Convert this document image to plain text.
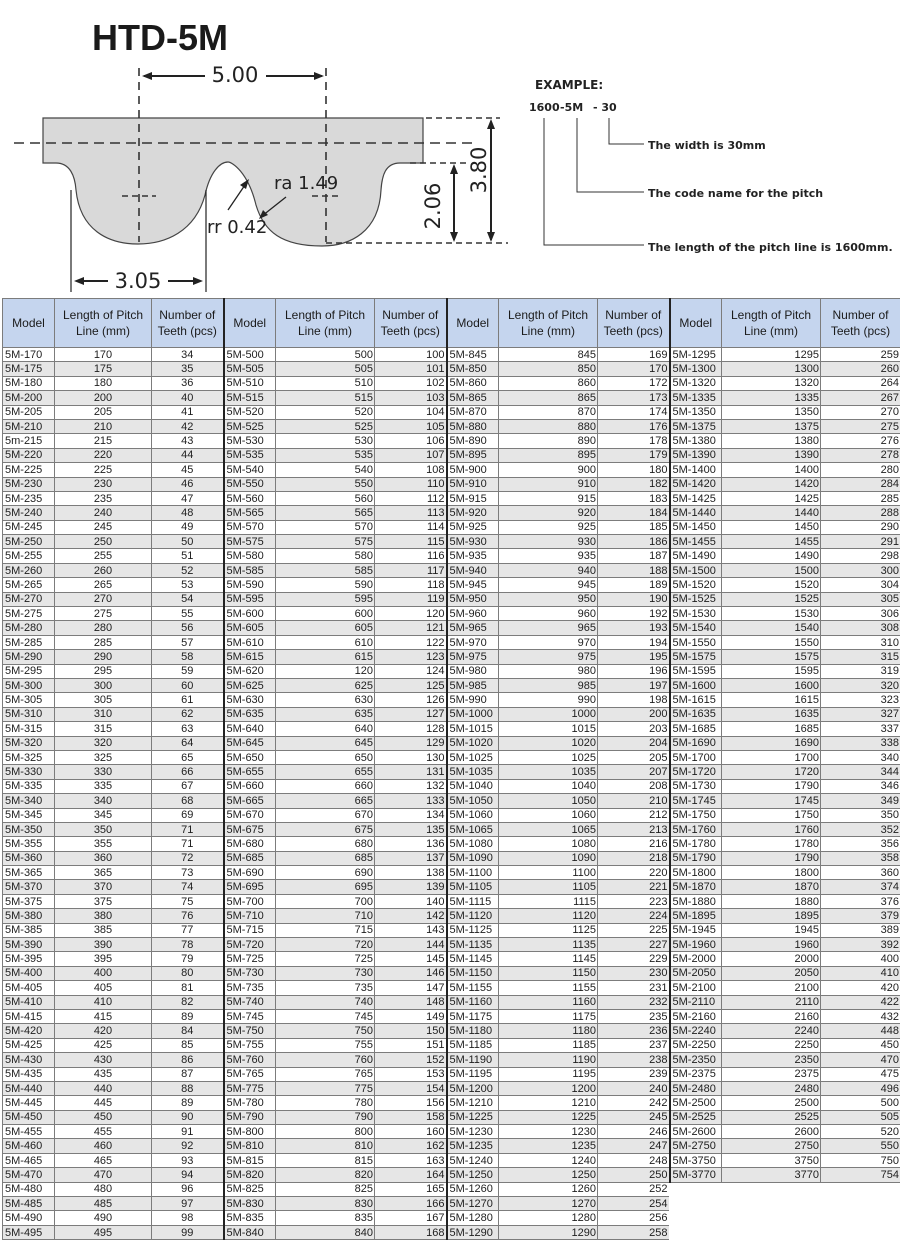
HTD-5M
5.00
3.80
2.06
3.05
ra 1.49
rr 0.42
EXAMPLE:
1600 -5M - 30
The width is 30mm
The code name for the pitch
The length of the pitch line is 1600mm.
Model	Length of Pitch Line (mm)	Number of Teeth (pcs)	Model	Length of Pitch Line (mm)	Number of Teeth (pcs)	Model	Length of Pitch Line (mm)	Number of Teeth (pcs)	Model	Length of Pitch Line (mm)	Number of Teeth (pcs)
5M-170	170	34	5M-500	500	100	5M-845	845	169	5M-1295	1295	259
5M-175	175	35	5M-505	505	101	5M-850	850	170	5M-1300	1300	260
5M-180	180	36	5M-510	510	102	5M-860	860	172	5M-1320	1320	264
5M-200	200	40	5M-515	515	103	5M-865	865	173	5M-1335	1335	267
5M-205	205	41	5M-520	520	104	5M-870	870	174	5M-1350	1350	270
5M-210	210	42	5M-525	525	105	5M-880	880	176	5M-1375	1375	275
5m-215	215	43	5M-530	530	106	5M-890	890	178	5M-1380	1380	276
5M-220	220	44	5M-535	535	107	5M-895	895	179	5M-1390	1390	278
5M-225	225	45	5M-540	540	108	5M-900	900	180	5M-1400	1400	280
5M-230	230	46	5M-550	550	110	5M-910	910	182	5M-1420	1420	284
5M-235	235	47	5M-560	560	112	5M-915	915	183	5M-1425	1425	285
5M-240	240	48	5M-565	565	113	5M-920	920	184	5M-1440	1440	288
5M-245	245	49	5M-570	570	114	5M-925	925	185	5M-1450	1450	290
5M-250	250	50	5M-575	575	115	5M-930	930	186	5M-1455	1455	291
5M-255	255	51	5M-580	580	116	5M-935	935	187	5M-1490	1490	298
5M-260	260	52	5M-585	585	117	5M-940	940	188	5M-1500	1500	300
5M-265	265	53	5M-590	590	118	5M-945	945	189	5M-1520	1520	304
5M-270	270	54	5M-595	595	119	5M-950	950	190	5M-1525	1525	305
5M-275	275	55	5M-600	600	120	5M-960	960	192	5M-1530	1530	306
5M-280	280	56	5M-605	605	121	5M-965	965	193	5M-1540	1540	308
5M-285	285	57	5M-610	610	122	5M-970	970	194	5M-1550	1550	310
5M-290	290	58	5M-615	615	123	5M-975	975	195	5M-1575	1575	315
5M-295	295	59	5M-620	120	124	5M-980	980	196	5M-1595	1595	319
5M-300	300	60	5M-625	625	125	5M-985	985	197	5M-1600	1600	320
5M-305	305	61	5M-630	630	126	5M-990	990	198	5M-1615	1615	323
5M-310	310	62	5M-635	635	127	5M-1000	1000	200	5M-1635	1635	327
5M-315	315	63	5M-640	640	128	5M-1015	1015	203	5M-1685	1685	337
5M-320	320	64	5M-645	645	129	5M-1020	1020	204	5M-1690	1690	338
5M-325	325	65	5M-650	650	130	5M-1025	1025	205	5M-1700	1700	340
5M-330	330	66	5M-655	655	131	5M-1035	1035	207	5M-1720	1720	344
5M-335	335	67	5M-660	660	132	5M-1040	1040	208	5M-1730	1790	346
5M-340	340	68	5M-665	665	133	5M-1050	1050	210	5M-1745	1745	349
5M-345	345	69	5M-670	670	134	5M-1060	1060	212	5M-1750	1750	350
5M-350	350	71	5M-675	675	135	5M-1065	1065	213	5M-1760	1760	352
5M-355	355	71	5M-680	680	136	5M-1080	1080	216	5M-1780	1780	356
5M-360	360	72	5M-685	685	137	5M-1090	1090	218	5M-1790	1790	358
5M-365	365	73	5M-690	690	138	5M-1100	1100	220	5M-1800	1800	360
5M-370	370	74	5M-695	695	139	5M-1105	1105	221	5M-1870	1870	374
5M-375	375	75	5M-700	700	140	5M-1115	1115	223	5M-1880	1880	376
5M-380	380	76	5M-710	710	142	5M-1120	1120	224	5M-1895	1895	379
5M-385	385	77	5M-715	715	143	5M-1125	1125	225	5M-1945	1945	389
5M-390	390	78	5M-720	720	144	5M-1135	1135	227	5M-1960	1960	392
5M-395	395	79	5M-725	725	145	5M-1145	1145	229	5M-2000	2000	400
5M-400	400	80	5M-730	730	146	5M-1150	1150	230	5M-2050	2050	410
5M-405	405	81	5M-735	735	147	5M-1155	1155	231	5M-2100	2100	420
5M-410	410	82	5M-740	740	148	5M-1160	1160	232	5M-2110	2110	422
5M-415	415	89	5M-745	745	149	5M-1175	1175	235	5M-2160	2160	432
5M-420	420	84	5M-750	750	150	5M-1180	1180	236	5M-2240	2240	448
5M-425	425	85	5M-755	755	151	5M-1185	1185	237	5M-2250	2250	450
5M-430	430	86	5M-760	760	152	5M-1190	1190	238	5M-2350	2350	470
5M-435	435	87	5M-765	765	153	5M-1195	1195	239	5M-2375	2375	475
5M-440	440	88	5M-775	775	154	5M-1200	1200	240	5M-2480	2480	496
5M-445	445	89	5M-780	780	156	5M-1210	1210	242	5M-2500	2500	500
5M-450	450	90	5M-790	790	158	5M-1225	1225	245	5M-2525	2525	505
5M-455	455	91	5M-800	800	160	5M-1230	1230	246	5M-2600	2600	520
5M-460	460	92	5M-810	810	162	5M-1235	1235	247	5M-2750	2750	550
5M-465	465	93	5M-815	815	163	5M-1240	1240	248	5M-3750	3750	750
5M-470	470	94	5M-820	820	164	5M-1250	1250	250	5M-3770	3770	754
5M-480	480	96	5M-825	825	165	5M-1260	1260	252			
5M-485	485	97	5M-830	830	166	5M-1270	1270	254			
5M-490	490	98	5M-835	835	167	5M-1280	1280	256			
5M-495	495	99	5M-840	840	168	5M-1290	1290	258			
